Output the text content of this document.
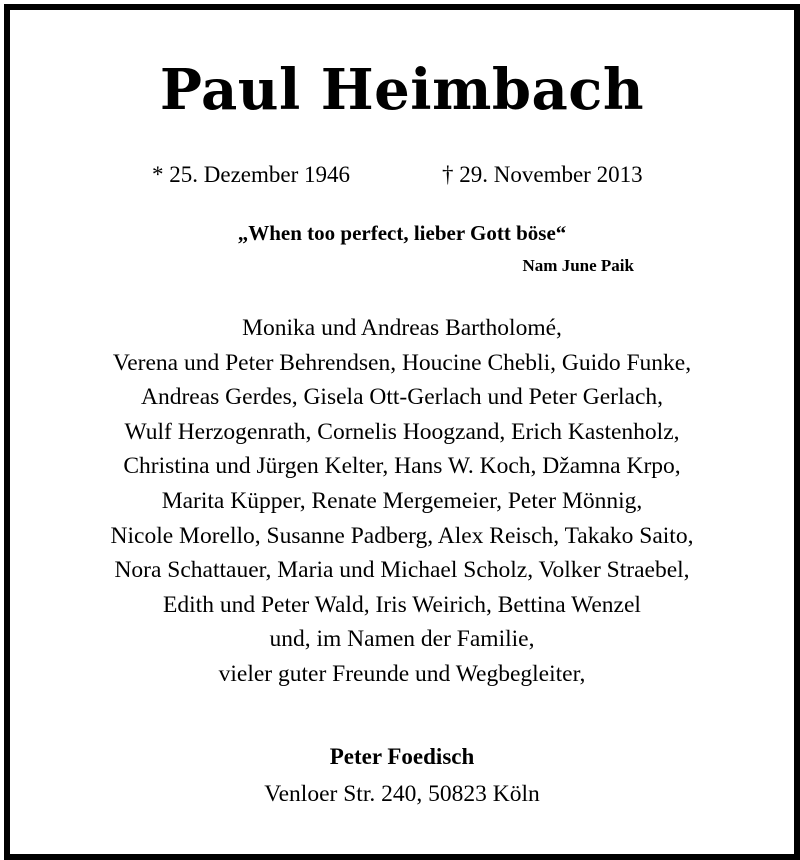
Paul Heimbach
* 25. Dezember 1946	† 29. November 2013
„When too perfect, lieber Gott böse“
Nam June Paik
Monika und Andreas Bartholomé,
Verena und Peter Behrendsen, Houcine Chebli, Guido Funke,
Andreas Gerdes, Gisela Ott-Gerlach und Peter Gerlach,
Wulf Herzogenrath, Cornelis Hoogzand, Erich Kastenholz,
Christina und Jürgen Kelter, Hans W. Koch, Džamna Krpo,
Marita Küpper, Renate Mergemeier, Peter Mönnig,
Nicole Morello, Susanne Padberg, Alex Reisch, Takako Saito,
Nora Schattauer, Maria und Michael Scholz, Volker Straebel,
Edith und Peter Wald, Iris Weirich, Bettina Wenzel
und, im Namen der Familie,
vieler guter Freunde und Wegbegleiter,
Peter Foedisch
Venloer Str. 240, 50823 Köln
